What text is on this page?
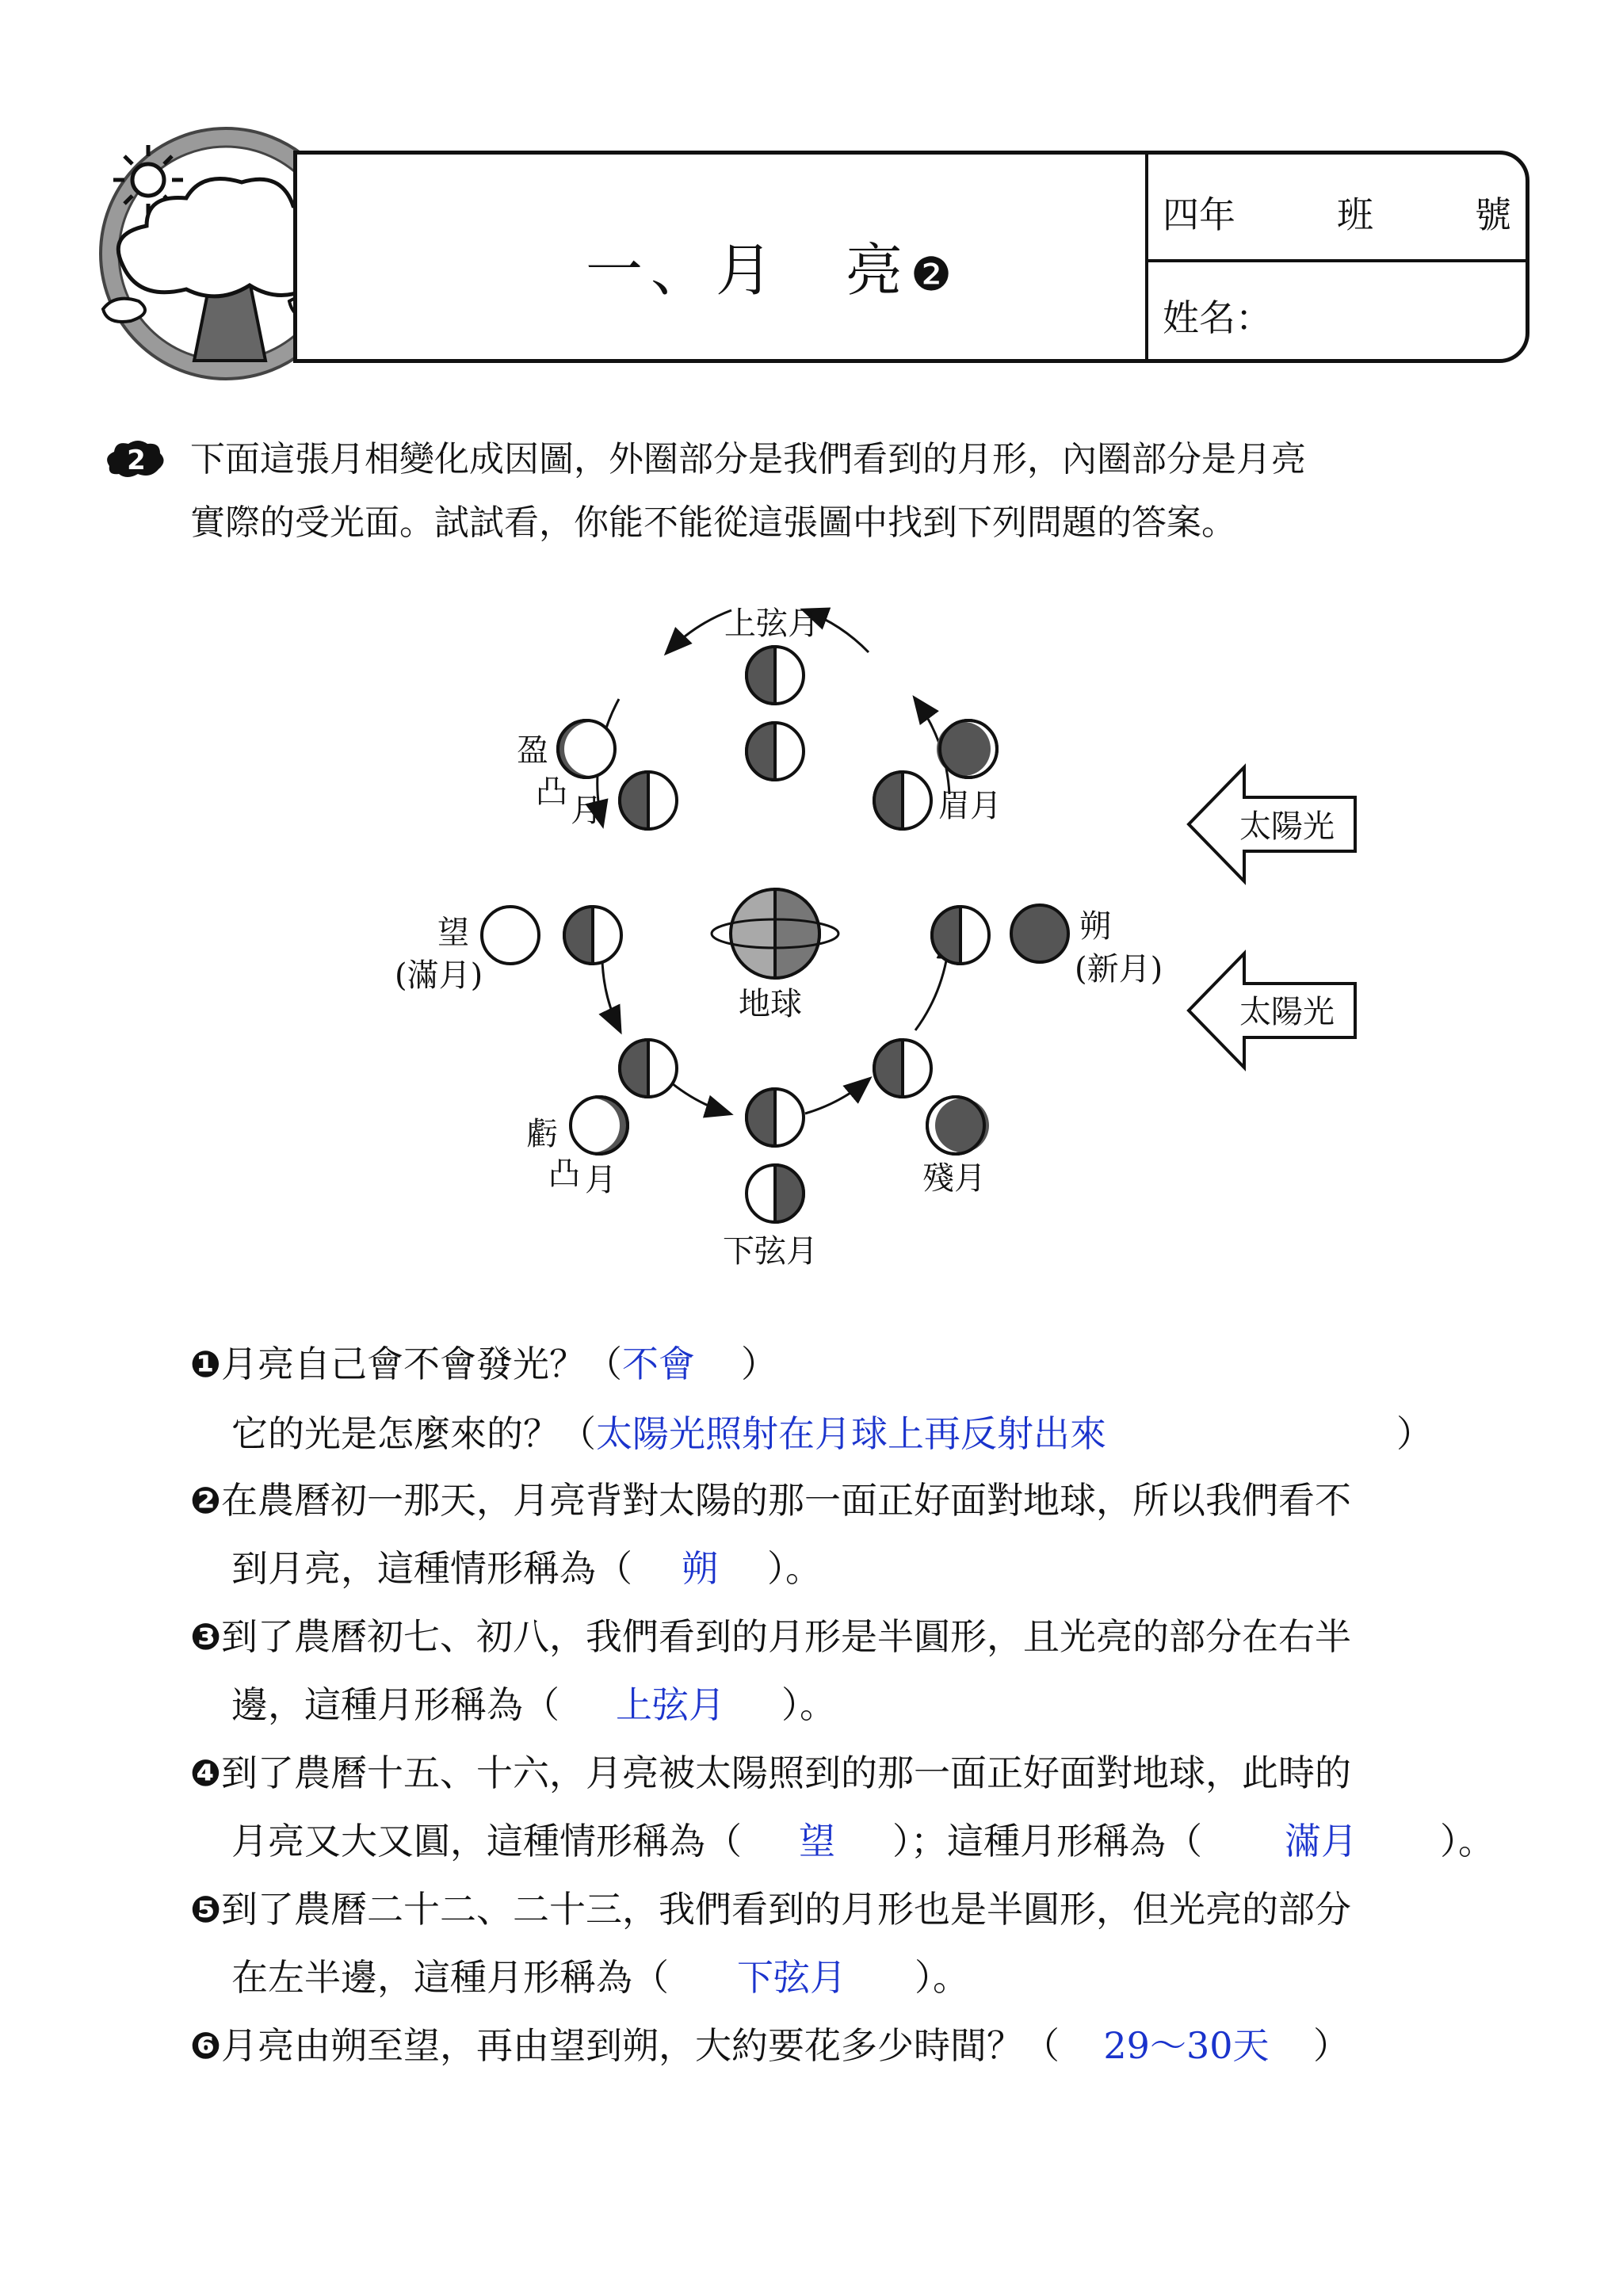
一、月　亮❷
四年	班	號
姓名：
2	下面這張月相變化成因圖，外圈部分是我們看到的月形，內圈部分是月亮

實際的受光面。試試看，你能不能從這張圖中找到下列問題的答案。

上弦月
盈
凸
月	眉月
望
(滿月)
朔
(新月)
虧
凸 月	殘月
下弦月
地球
太陽光
太陽光
❶月亮自己會不會發光？（不會 ）
它的光是怎麼來的？（太陽光照射在月球上再反射出來	）
❷在農曆初一那天，月亮背對太陽的那一面正好面對地球，所以我們看不
到月亮，這種情形稱為（ 朔 ）。
❸到了農曆初七、初八，我們看到的月形是半圓形，且光亮的部分在右半
邊，這種月形稱為（ 上弦月 ）。
❹到了農曆十五、十六，月亮被太陽照到的那一面正好面對地球，此時的
月亮又大又圓，這種情形稱為（ 望 ）；這種月形稱為（ 滿月 ）。
❺到了農曆二十二、二十三，我們看到的月形也是半圓形，但光亮的部分
在左半邊，這種月形稱為（ 下弦月 ）。
❻月亮由朔至望，再由望到朔，大約要花多少時間？（ 29～30天 ）
